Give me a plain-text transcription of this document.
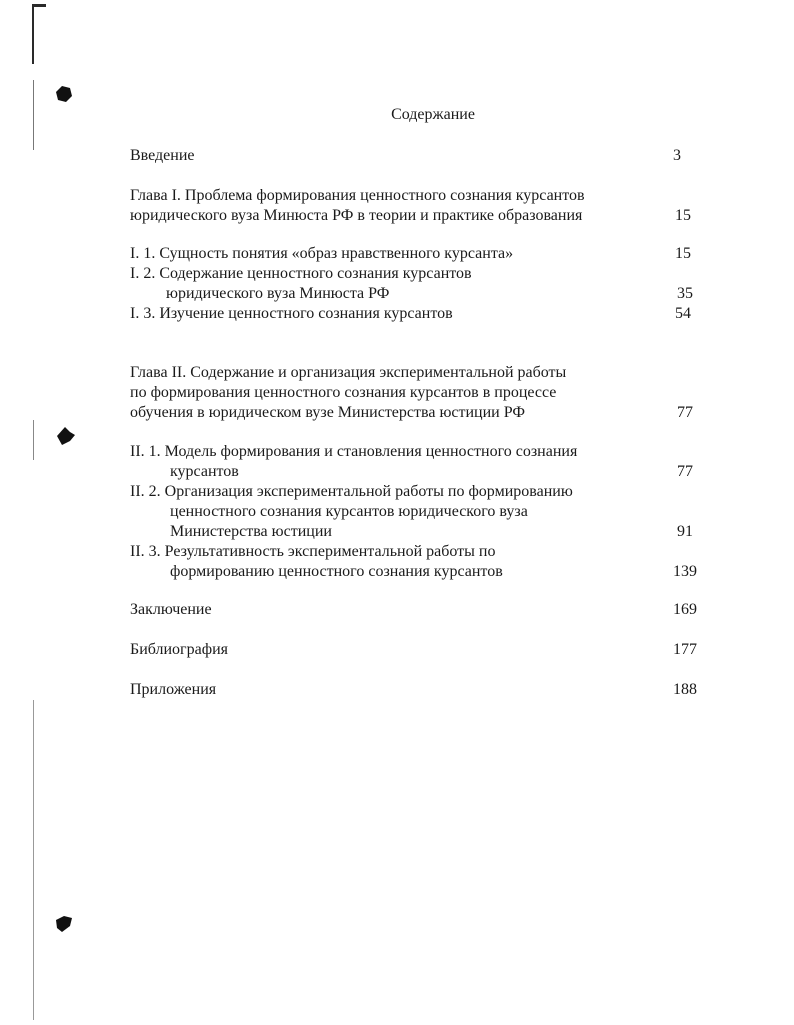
Содержание
Введение	3
Глава I. Проблема формирования ценностного сознания курсантов
юридического вуза Минюста РФ в теории и практике образования	15
I. 1. Сущность понятия «образ нравственного курсанта»	15
I. 2. Содержание ценностного сознания курсантов
юридического вуза Минюста РФ	35
I. 3. Изучение ценностного сознания курсантов	54
Глава II. Содержание и организация экспериментальной работы
по формирования ценностного сознания курсантов в процессе
обучения в юридическом вузе Министерства юстиции РФ	77
II. 1. Модель формирования и становления ценностного сознания
курсантов	77
II. 2. Организация экспериментальной работы по формированию
ценностного сознания курсантов юридического вуза
Министерства юстиции	91
II. 3. Результативность экспериментальной работы по
формированию ценностного сознания курсантов	139
Заключение	169
Библиография	177
Приложения	188
